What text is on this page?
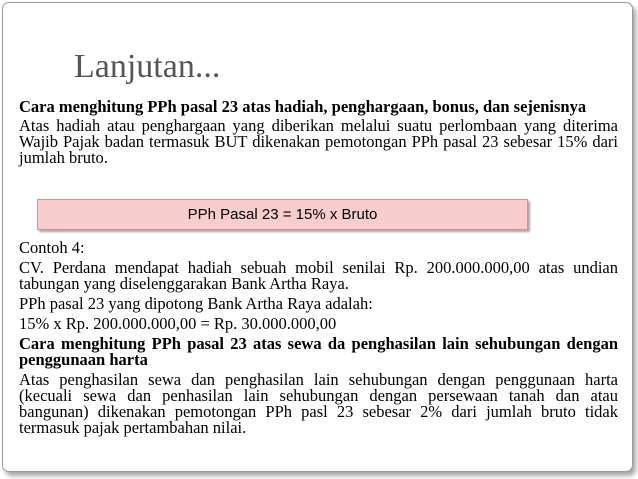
Lanjutan...

Cara menghitung PPh pasal 23 atas hadiah, penghargaan, bonus, dan sejenisnya

Atas hadiah atau penghargaan yang diberikan melalui suatu perlombaan yang diterima Wajib Pajak badan termasuk BUT dikenakan pemotongan PPh pasal 23 sebesar 15% dari jumlah bruto.

PPh Pasal 23 = 15% x Bruto

Contoh 4:

CV. Perdana mendapat hadiah sebuah mobil senilai Rp. 200.000.000,00 atas undian tabungan yang diselenggarakan Bank Artha Raya.

PPh pasal 23 yang dipotong Bank Artha Raya adalah:

15% x Rp. 200.000.000,00 = Rp. 30.000.000,00

Cara menghitung PPh pasal 23 atas sewa da penghasilan lain sehubungan dengan penggunaan harta

Atas penghasilan sewa dan penghasilan lain sehubungan dengan penggunaan harta (kecuali sewa dan penhasilan lain sehubungan dengan persewaan tanah dan atau bangunan) dikenakan pemotongan PPh pasl 23 sebesar 2% dari jumlah bruto tidak termasuk pajak pertambahan nilai.
